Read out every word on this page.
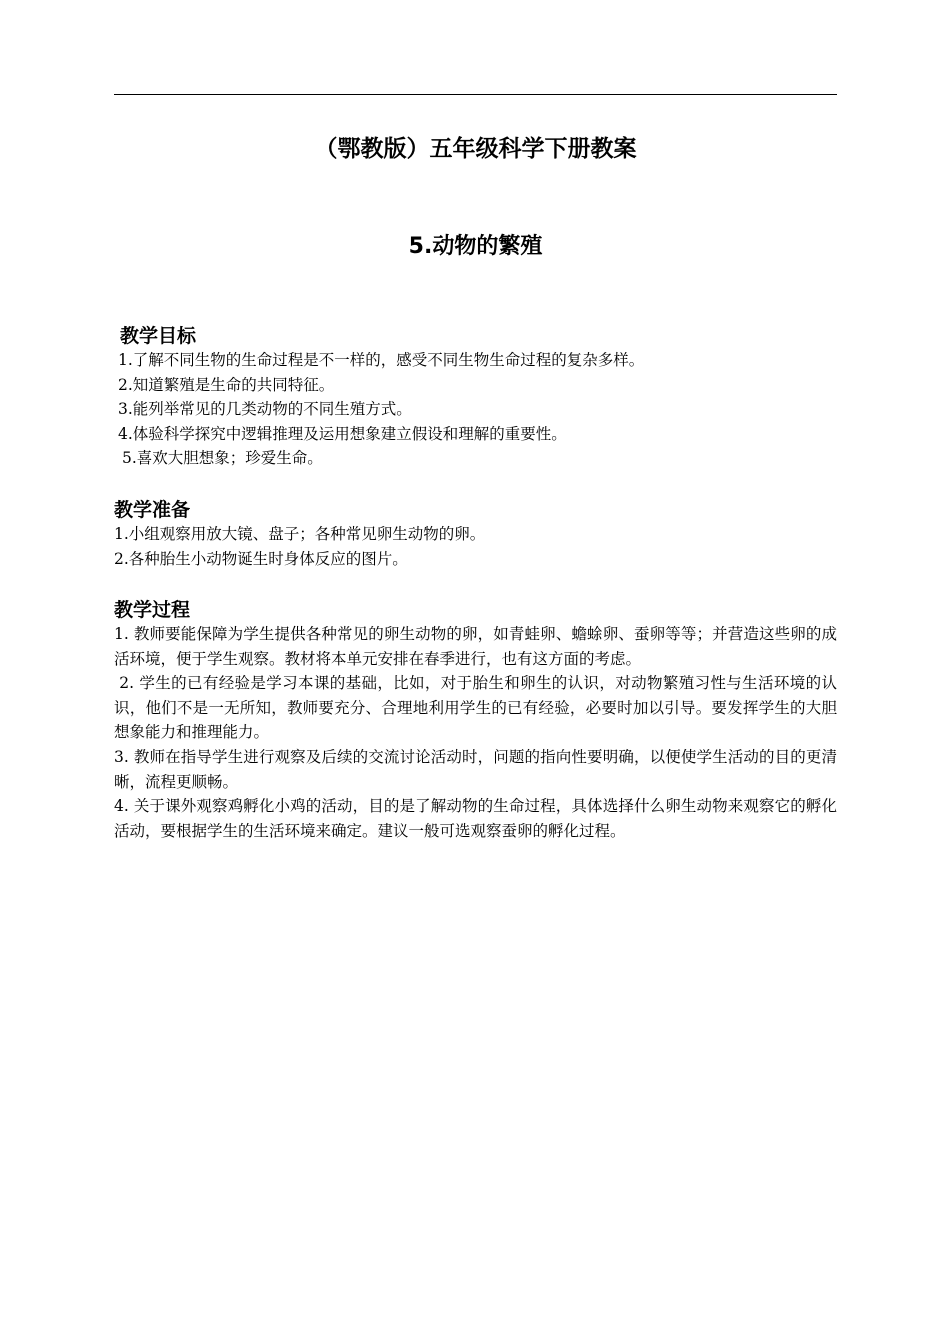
（鄂教版）五年级科学下册教案
5.动物的繁殖
教学目标

1.了解不同生物的生命过程是不一样的，感受不同生物生命过程的复杂多样。

2.知道繁殖是生命的共同特征。

3.能列举常见的几类动物的不同生殖方式。

4.体验科学探究中逻辑推理及运用想象建立假设和理解的重要性。

5.喜欢大胆想象；珍爱生命。

教学准备

1.小组观察用放大镜、盘子；各种常见卵生动物的卵。

2.各种胎生小动物诞生时身体反应的图片。

教学过程

1. 教师要能保障为学生提供各种常见的卵生动物的卵，如青蛙卵、蟾蜍卵、蚕卵等等；并营造这些卵的成活环境，便于学生观察。教材将本单元安排在春季进行，也有这方面的考虑。

2. 学生的已有经验是学习本课的基础，比如，对于胎生和卵生的认识，对动物繁殖习性与生活环境的认识，他们不是一无所知，教师要充分、合理地利用学生的已有经验，必要时加以引导。要发挥学生的大胆想象能力和推理能力。

3. 教师在指导学生进行观察及后续的交流讨论活动时，问题的指向性要明确，以便使学生活动的目的更清晰，流程更顺畅。

4. 关于课外观察鸡孵化小鸡的活动，目的是了解动物的生命过程，具体选择什么卵生动物来观察它的孵化活动，要根据学生的生活环境来确定。建议一般可选观察蚕卵的孵化过程。
